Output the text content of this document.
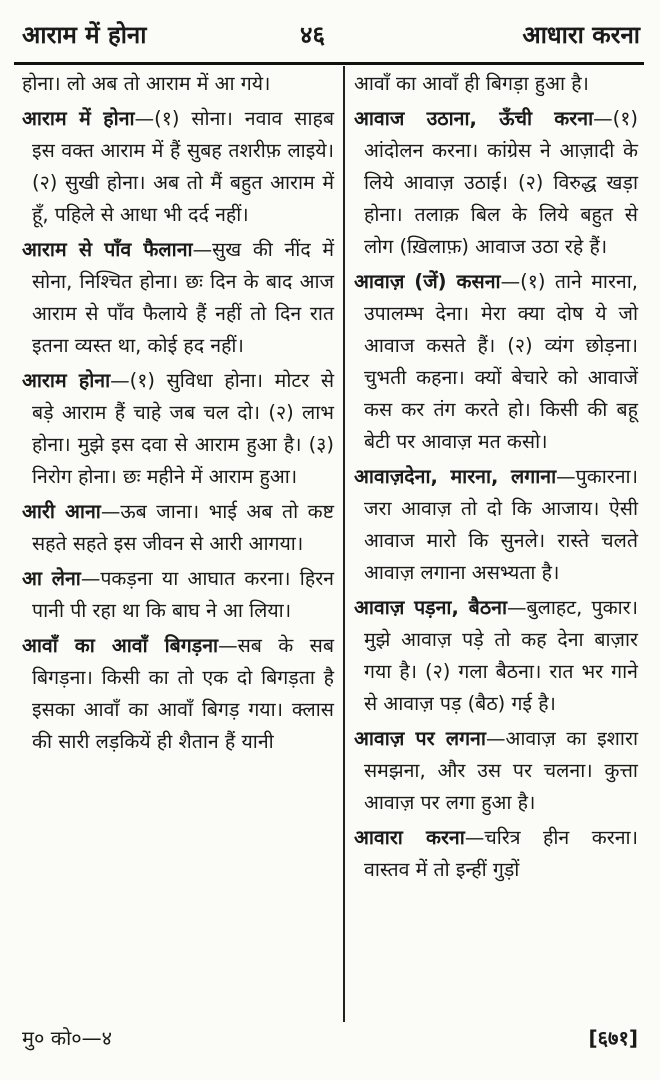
आराम में होना	४६	आधारा करना

होना। लो अब तो आराम में आ गये।

आराम में होना—(१) सोना। नवाव साहब इस वक्त आराम में हैं सुबह तशरीफ़ लाइये। (२) सुखी होना। अब तो मैं बहुत आराम में हूँ, पहिले से आधा भी दर्द नहीं।

आराम से पाँव फैलाना—सुख की नींद में सोना, निश्चित होना। छः दिन के बाद आज आराम से पाँव फैलाये हैं नहीं तो दिन रात इतना व्यस्त था, कोई हद नहीं।

आराम होना—(१) सुविधा होना। मोटर से बड़े आराम हैं चाहे जब चल दो। (२) लाभ होना। मुझे इस दवा से आराम हुआ है। (३) निरोग होना। छः महीने में आराम हुआ।

आरी आना—ऊब जाना। भाई अब तो कष्ट सहते सहते इस जीवन से आरी आगया।

आ लेना—पकड़ना या आघात करना। हिरन पानी पी रहा था कि बाघ ने आ लिया।

आवाँ का आवाँ बिगड़ना—सब के सब बिगड़ना। किसी का तो एक दो बिगड़ता है इसका आवाँ का आवाँ बिगड़ गया। क्लास की सारी लड़कियें ही शैतान हैं यानी

आवाँ का आवाँ ही बिगड़ा हुआ है।

आवाज उठाना, ऊँची करना—(१) आंदोलन करना। कांग्रेस ने आज़ादी के लिये आवाज़ उठाई। (२) विरुद्ध खड़ा होना। तलाक़ बिल के लिये बहुत से लोग (ख़िलाफ़) आवाज उठा रहे हैं।

आवाज़ (जें) कसना—(१) ताने मारना, उपालम्भ देना। मेरा क्या दोष ये जो आवाज कसते हैं। (२) व्यंग छोड़ना। चुभती कहना। क्यों बेचारे को आवाजें कस कर तंग करते हो। किसी की बहू बेटी पर आवाज़ मत कसो।

आवाज़देना, मारना, लगाना—पुकारना। जरा आवाज़ तो दो कि आजाय। ऐसी आवाज मारो कि सुनले। रास्ते चलते आवाज़ लगाना असभ्यता है।

आवाज़ पड़ना, बैठना—बुलाहट, पुकार। मुझे आवाज़ पड़े तो कह देना बाज़ार गया है। (२) गला बैठना। रात भर गाने से आवाज़ पड़ (बैठ) गई है।

आवाज़ पर लगना—आवाज़ का इशारा समझना, और उस पर चलना। कुत्ता आवाज़ पर लगा हुआ है।

आवारा करना—चरित्र हीन करना। वास्तव में तो इन्हीं गुड़ों

मु० को०—४	[६७१]
